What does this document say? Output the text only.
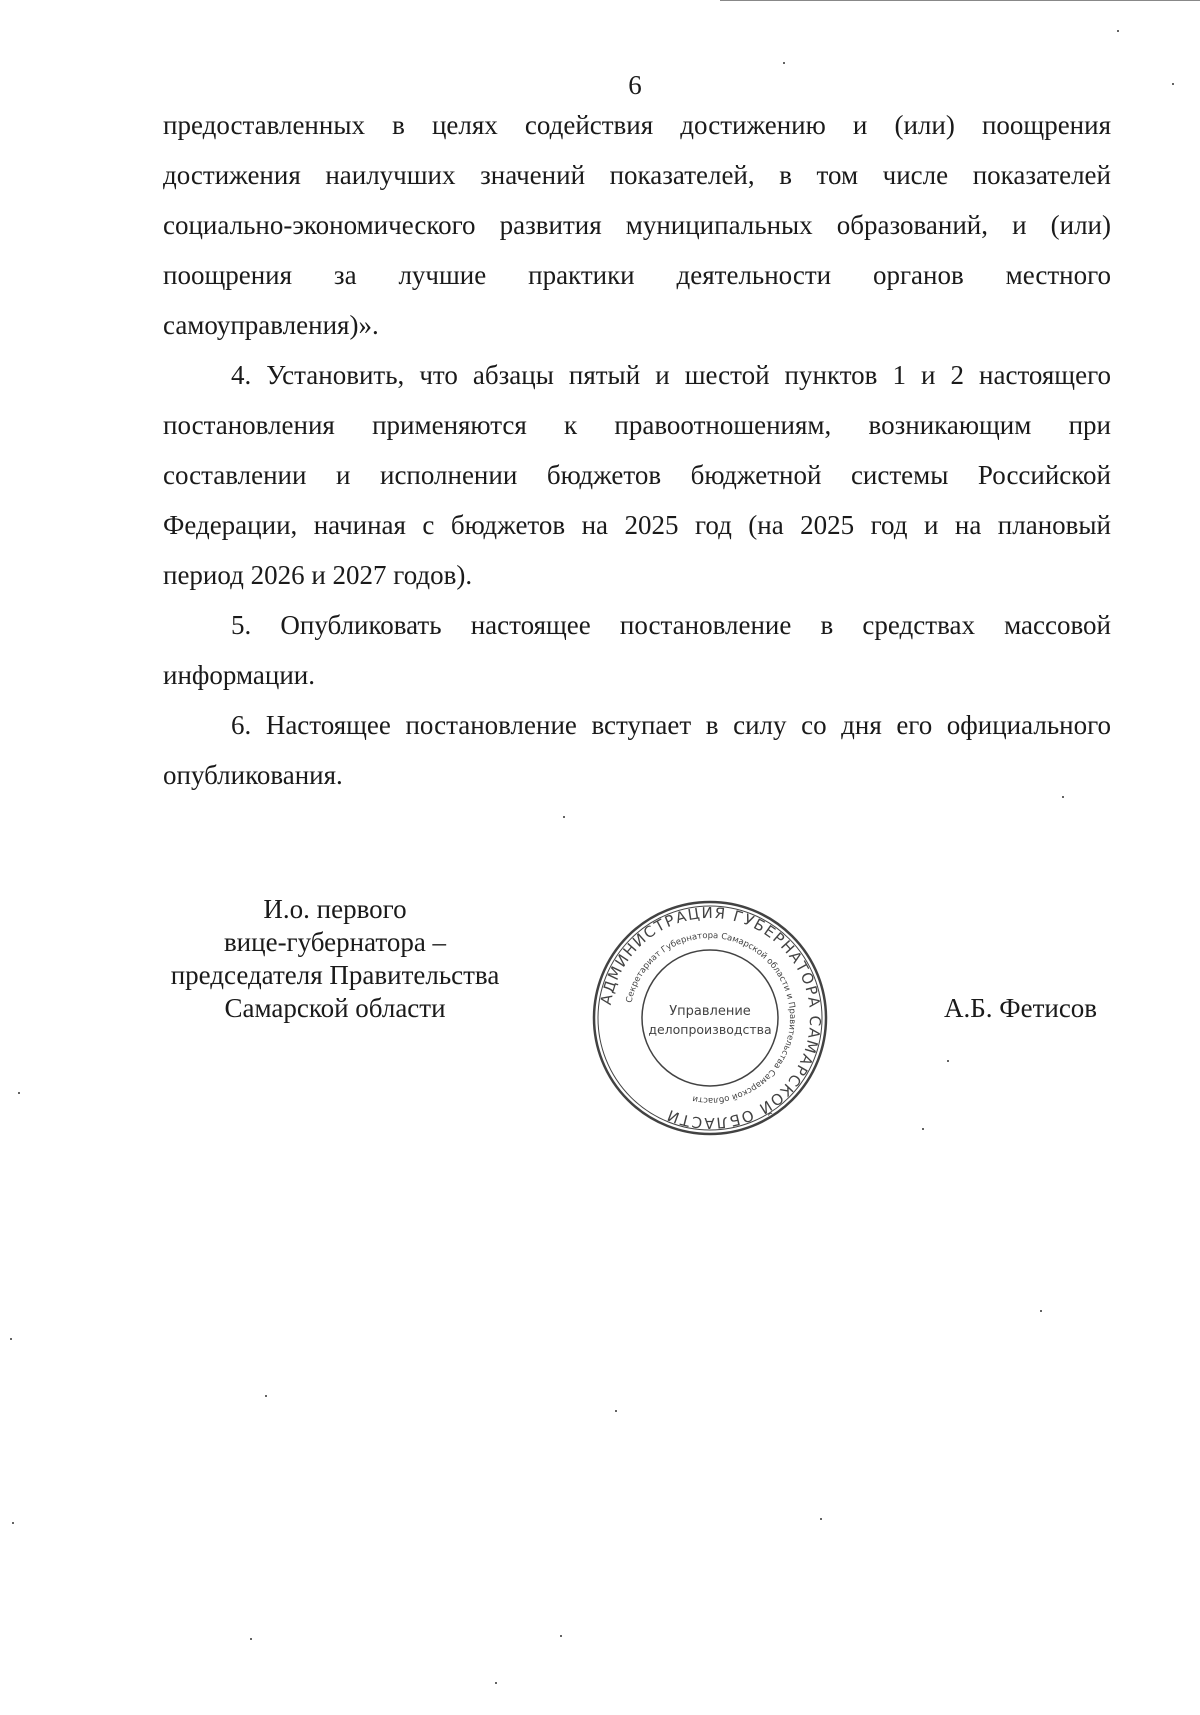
6

предоставленных в целях содействия достижению и (или) поощрения

достижения наилучших значений показателей, в том числе показателей

социально-экономического развития муниципальных образований, и (или)

поощрения за лучшие практики деятельности органов местного

самоуправления)».

4. Установить, что абзацы пятый и шестой пунктов 1 и 2 настоящего

постановления применяются к правоотношениям, возникающим при

составлении и исполнении бюджетов бюджетной системы Российской

Федерации, начиная с бюджетов на 2025 год (на 2025 год и на плановый

период 2026 и 2027 годов).

5. Опубликовать настоящее постановление в средствах массовой

информации.

6. Настоящее постановление вступает в силу со дня его официального

опубликования.

И.о. первого
вице-губернатора –
председателя Правительства
Самарской области	АДМИНИСТРАЦИЯ ГУБЕРНАТОРА САМАРСКОЙ ОБЛАСТИ
Секретариат Губернатора Самарской области и Правительства Самарской области
Управление
делопроизводства
А.Б. Фетисов
